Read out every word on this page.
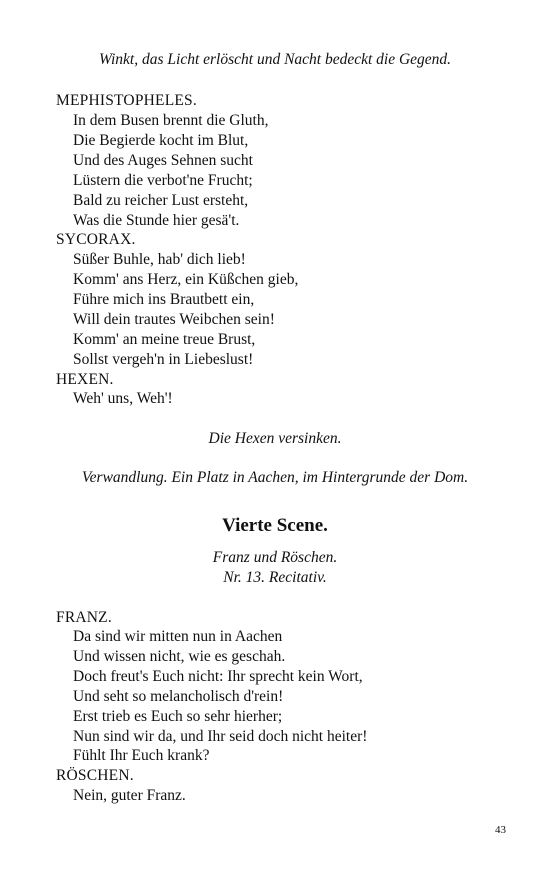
Winkt, das Licht erlöscht und Nacht bedeckt die Gegend.
MEPHISTOPHELES.
In dem Busen brennt die Gluth,
Die Begierde kocht im Blut,
Und des Auges Sehnen sucht
Lüstern die verbot'ne Frucht;
Bald zu reicher Lust ersteht,
Was die Stunde hier gesä't.
SYCORAX.
Süßer Buhle, hab' dich lieb!
Komm' ans Herz, ein Küßchen gieb,
Führe mich ins Brautbett ein,
Will dein trautes Weibchen sein!
Komm' an meine treue Brust,
Sollst vergeh'n in Liebeslust!
HEXEN.
Weh' uns, Weh'!
Die Hexen versinken.
Verwandlung. Ein Platz in Aachen, im Hintergrunde der Dom.
Vierte Scene.
Franz und Röschen.
Nr. 13. Recitativ.
FRANZ.
Da sind wir mitten nun in Aachen
Und wissen nicht, wie es geschah.
Doch freut's Euch nicht: Ihr sprecht kein Wort,
Und seht so melancholisch d'rein!
Erst trieb es Euch so sehr hierher;
Nun sind wir da, und Ihr seid doch nicht heiter!
Fühlt Ihr Euch krank?
RÖSCHEN.
Nein, guter Franz.
43
